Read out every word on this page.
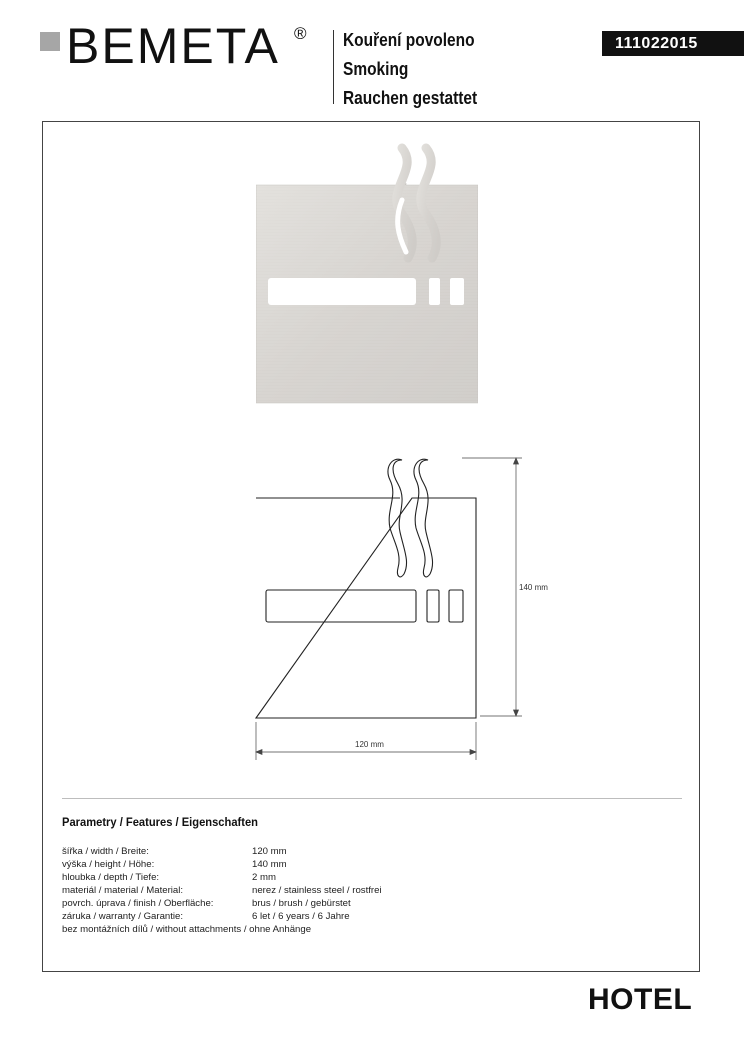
BEMETA ® Kouření povoleno
Smoking
Rauchen gestattet
111022015
140 mm
120 mm
Parametry / Features / Eigenschaften
šířka / width / Breite:	120 mm
výška / height / Höhe:	140 mm
hloubka / depth / Tiefe:	2 mm
materiál / material / Material:	nerez / stainless steel / rostfrei
povrch. úprava / finish / Oberfläche:	brus / brush / gebürstet
záruka / warranty / Garantie:	6 let / 6 years / 6 Jahre
bez montážních dílů / without attachments / ohne Anhänge
HOTEL
